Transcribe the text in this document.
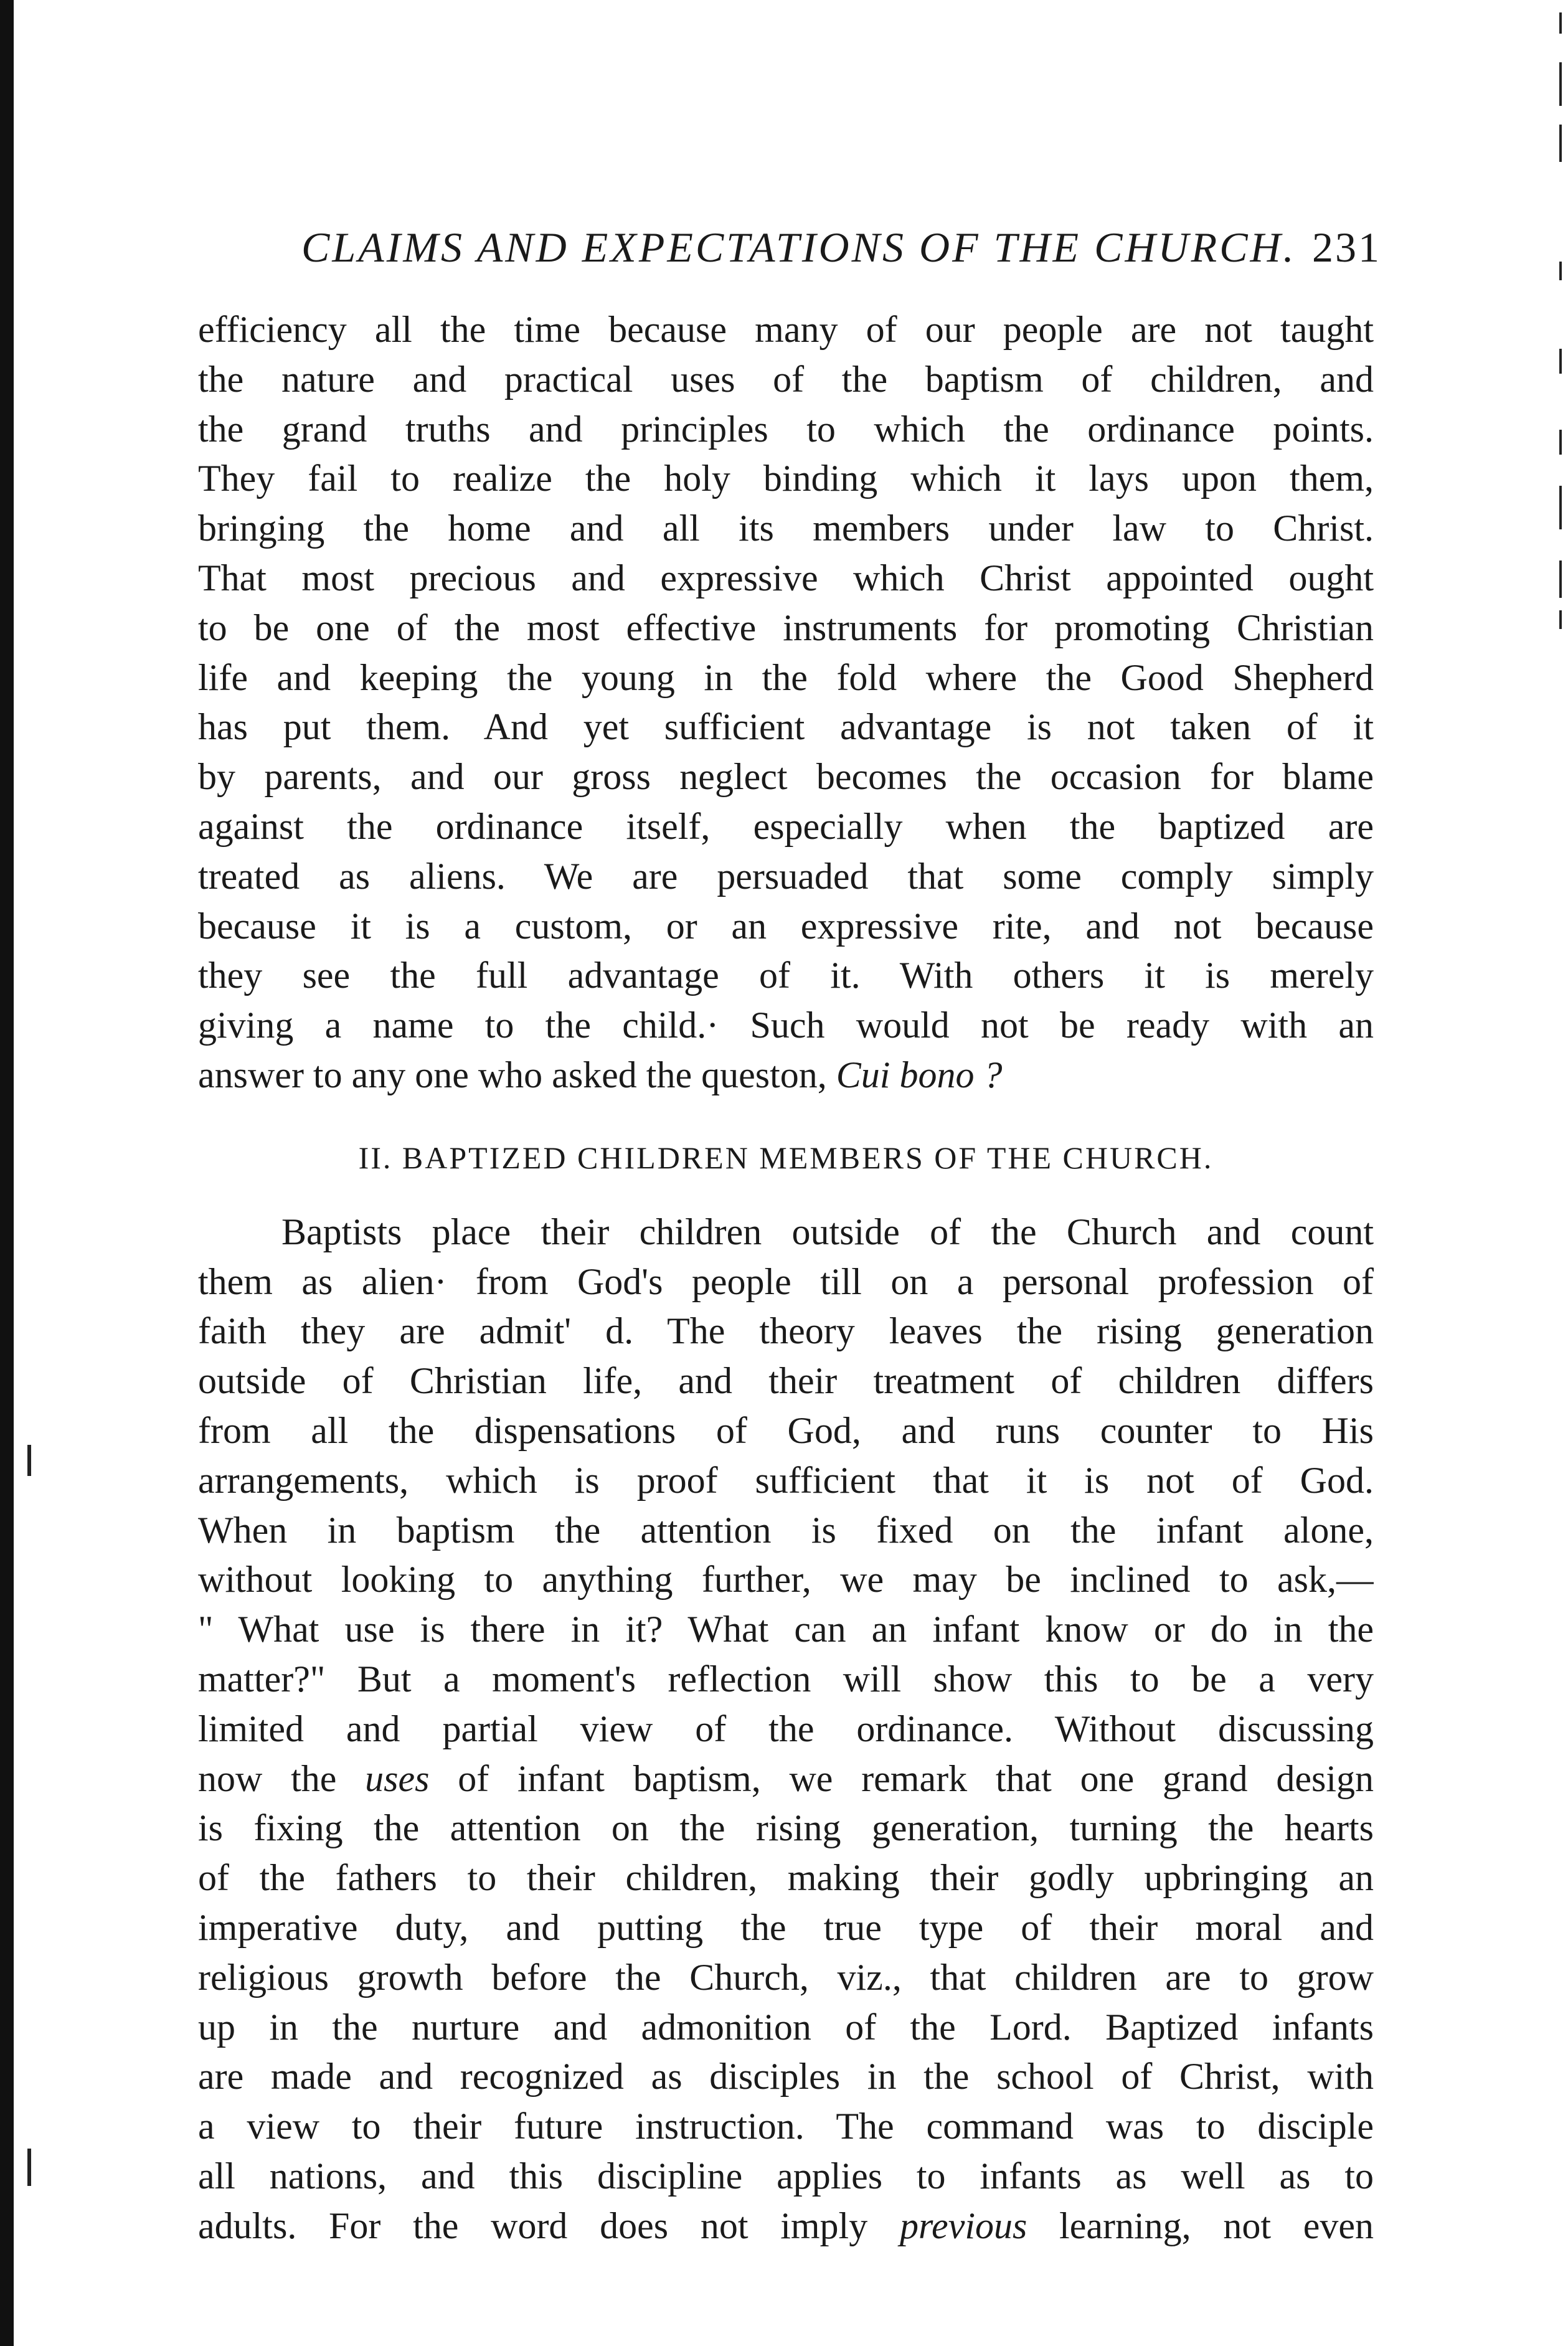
CLAIMS AND EXPECTATIONS OF THE CHURCH. 231
efficiency all the time because many of our people are not taught
the nature and practical uses of the baptism of children, and
the grand truths and principles to which the ordinance points.
They fail to realize the holy binding which it lays upon them,
bringing the home and all its members under law to Christ.
That most precious and expressive which Christ appointed ought
to be one of the most effective instruments for promoting Christian
life and keeping the young in the fold where the Good Shepherd
has put them. And yet sufficient advantage is not taken of it
by parents, and our gross neglect becomes the occasion for blame
against the ordinance itself, especially when the baptized are
treated as aliens. We are persuaded that some comply simply
because it is a custom, or an expressive rite, and not because
they see the full advantage of it. With others it is merely
giving a name to the child.· Such would not be ready with an
answer to any one who asked the queston, Cui bono ?
II. BAPTIZED CHILDREN MEMBERS OF THE CHURCH.
Baptists place their children outside of the Church and count
them as alien· from God's people till on a personal profession of
faith they are admit' d. The theory leaves the rising generation
outside of Christian life, and their treatment of children differs
from all the dispensations of God, and runs counter to His
arrangements, which is proof sufficient that it is not of God.
When in baptism the attention is fixed on the infant alone,
without looking to anything further, we may be inclined to ask,—
" What use is there in it? What can an infant know or do in the
matter?" But a moment's reflection will show this to be a very
limited and partial view of the ordinance. Without discussing
now the uses of infant baptism, we remark that one grand design
is fixing the attention on the rising generation, turning the hearts
of the fathers to their children, making their godly upbringing an
imperative duty, and putting the true type of their moral and
religious growth before the Church, viz., that children are to grow
up in the nurture and admonition of the Lord. Baptized infants
are made and recognized as disciples in the school of Christ, with
a view to their future instruction. The command was to disciple
all nations, and this discipline applies to infants as well as to
adults. For the word does not imply previous learning, not even
